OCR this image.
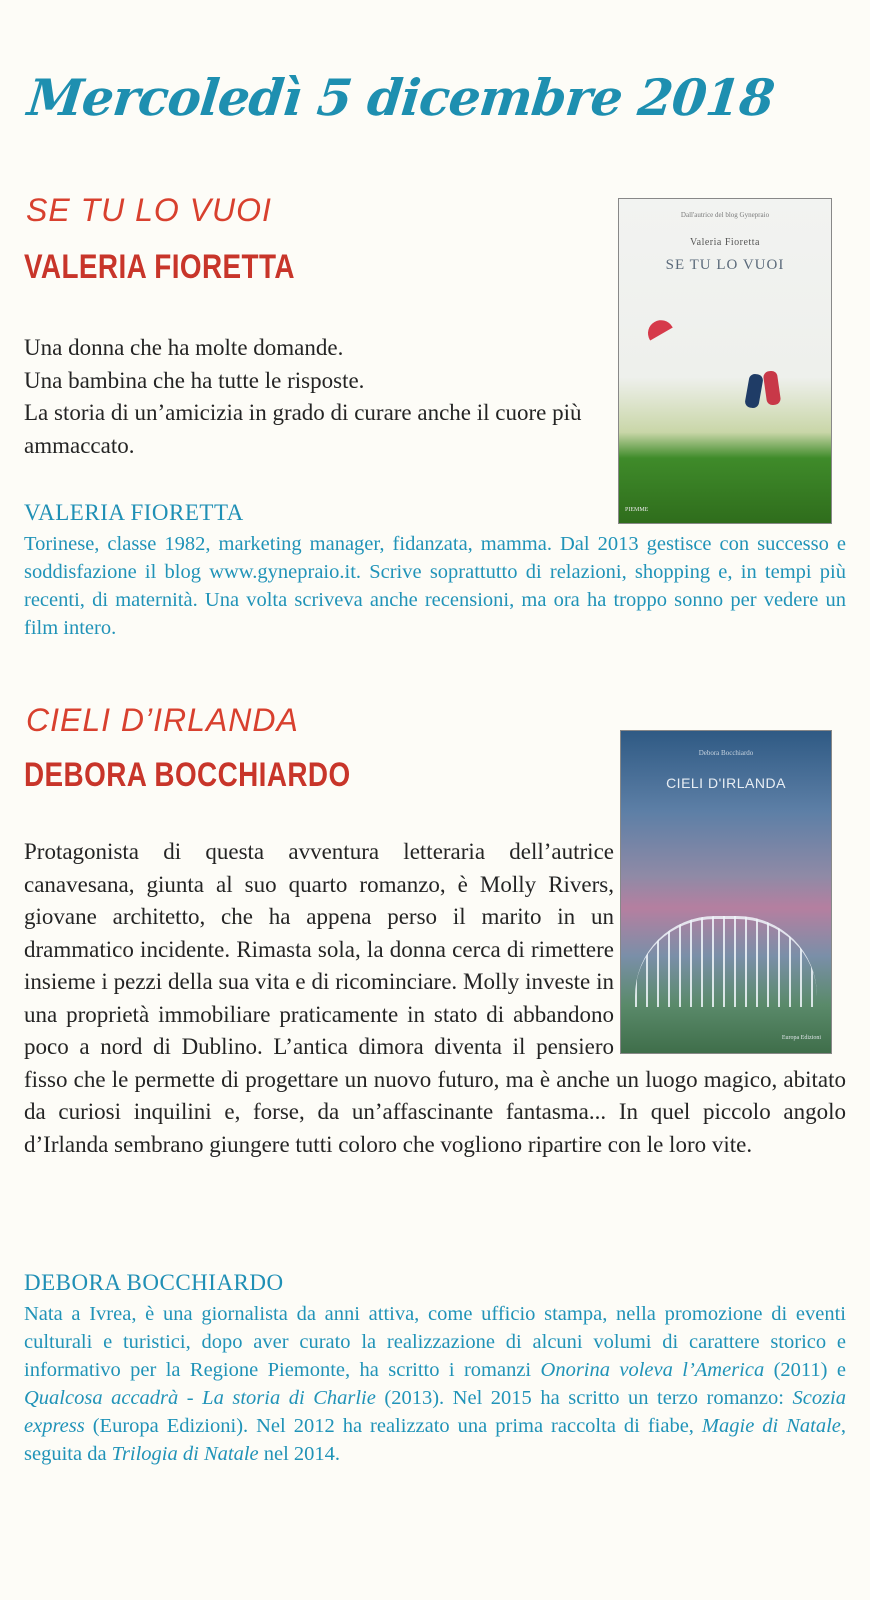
Mercoledì 5 dicembre 2018
SE TU LO VUOI
VALERIA FIORETTA

Una donna che ha molte domande.

Una bambina che ha tutte le risposte.

La storia di un’amicizia in grado di curare anche il cuore più ammaccato.

Dall'autrice del blog Gynepraio
Valeria Fioretta
SE TU LO VUOI
PIEMME
VALERIA FIORETTA
Torinese, classe 1982, marketing manager, fidanzata, mamma. Dal 2013 gestisce con successo e soddisfazione il blog www.gynepraio.it. Scrive soprattutto di relazioni, shopping e, in tempi più recenti, di maternità. Una volta scriveva anche recensioni, ma ora ha troppo sonno per vedere un film intero.
CIELI D’IRLANDA
DEBORA BOCCHIARDO
Debora Bocchiardo
CIELI D'IRLANDA
Europa Edizioni
Protagonista di questa avventura letteraria dell’autrice canavesana, giunta al suo quarto romanzo, è Molly Rivers, giovane architetto, che ha appena perso il marito in un drammatico incidente. Rimasta sola, la donna cerca di rimettere insieme i pezzi della sua vita e di ricominciare. Molly investe in una proprietà immobiliare praticamente in stato di abbandono poco a nord di Dublino. L’antica dimora diventa il pensiero fisso che le permette di progettare un nuovo futuro, ma è anche un luogo magico, abitato da curiosi inquilini e, forse, da un’affascinante fantasma... In quel piccolo angolo d’Irlanda sembrano giungere tutti coloro che vogliono ripartire con le loro vite.
DEBORA BOCCHIARDO
Nata a Ivrea, è una giornalista da anni attiva, come ufficio stampa, nella promozione di eventi culturali e turistici, dopo aver curato la realizzazione di alcuni volumi di carattere storico e informativo per la Regione Piemonte, ha scritto i romanzi Onorina voleva l’America (2011) e Qualcosa accadrà - La storia di Charlie (2013). Nel 2015 ha scritto un terzo romanzo: Scozia express (Europa Edizioni). Nel 2012 ha realizzato una prima raccolta di fiabe, Magie di Natale, seguita da Trilogia di Natale nel 2014.
